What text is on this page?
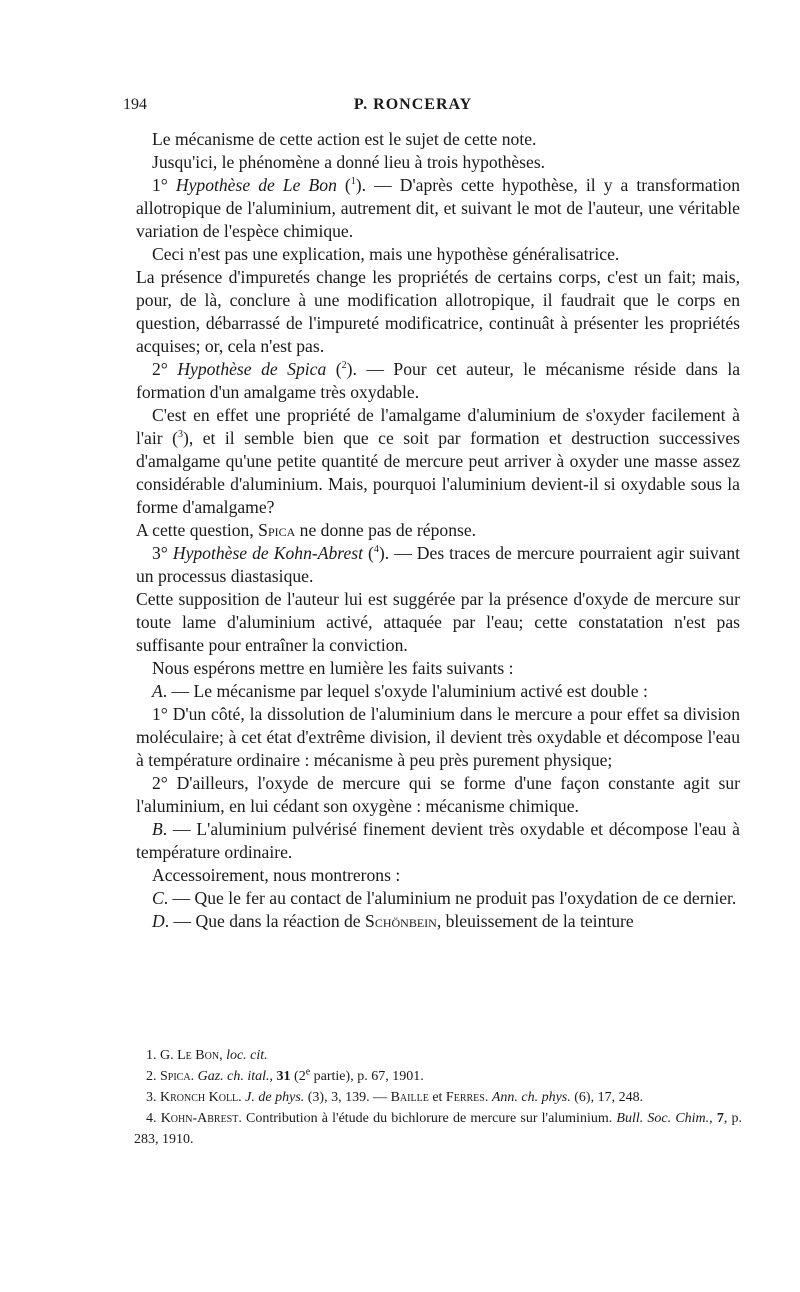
194	P. RONCERAY

Le mécanisme de cette action est le sujet de cette note.

Jusqu'ici, le phénomène a donné lieu à trois hypothèses.

1° Hypothèse de Le Bon ($^1$). — D'après cette hypothèse, il y a transformation allotropique de l'aluminium, autrement dit, et suivant le mot de l'auteur, une véritable variation de l'espèce chimique.

Ceci n'est pas une explication, mais une hypothèse généralisatrice.

La présence d'impuretés change les propriétés de certains corps, c'est un fait; mais, pour, de là, conclure à une modification allotropique, il faudrait que le corps en question, débarrassé de l'impureté modificatrice, continuât à présenter les propriétés acquises; or, cela n'est pas.

2° Hypothèse de Spica ($^2$). — Pour cet auteur, le mécanisme réside dans la formation d'un amalgame très oxydable.

C'est en effet une propriété de l'amalgame d'aluminium de s'oxyder facilement à l'air ($^3$), et il semble bien que ce soit par formation et destruction successives d'amalgame qu'une petite quantité de mercure peut arriver à oxyder une masse assez considérable d'aluminium. Mais, pourquoi l'aluminium devient-il si oxydable sous la forme d'amalgame?

A cette question, Spica ne donne pas de réponse.

3° Hypothèse de Kohn-Abrest ($^4$). — Des traces de mercure pourraient agir suivant un processus diastasique.

Cette supposition de l'auteur lui est suggérée par la présence d'oxyde de mercure sur toute lame d'aluminium activé, attaquée par l'eau; cette constatation n'est pas suffisante pour entraîner la conviction.

Nous espérons mettre en lumière les faits suivants :

A. — Le mécanisme par lequel s'oxyde l'aluminium activé est double :

1° D'un côté, la dissolution de l'aluminium dans le mercure a pour effet sa division moléculaire; à cet état d'extrême division, il devient très oxydable et décompose l'eau à température ordinaire : mécanisme à peu près purement physique;

2° D'ailleurs, l'oxyde de mercure qui se forme d'une façon constante agit sur l'aluminium, en lui cédant son oxygène : mécanisme chimique.

B. — L'aluminium pulvérisé finement devient très oxydable et décompose l'eau à température ordinaire.

Accessoirement, nous montrerons :

C. — Que le fer au contact de l'aluminium ne produit pas l'oxydation de ce dernier.

D. — Que dans la réaction de Schönbein, bleuissement de la teinture

1. G. Le Bon, loc. cit.

2. Spica. Gaz. ch. ital., 31 (2e partie), p. 67, 1901.

3. Kronch Koll. J. de phys. (3), 3, 139. — Baille et Ferres. Ann. ch. phys. (6), 17, 248.

4. Kohn-Abrest. Contribution à l'étude du bichlorure de mercure sur l'aluminium. Bull. Soc. Chim., 7, p. 283, 1910.
